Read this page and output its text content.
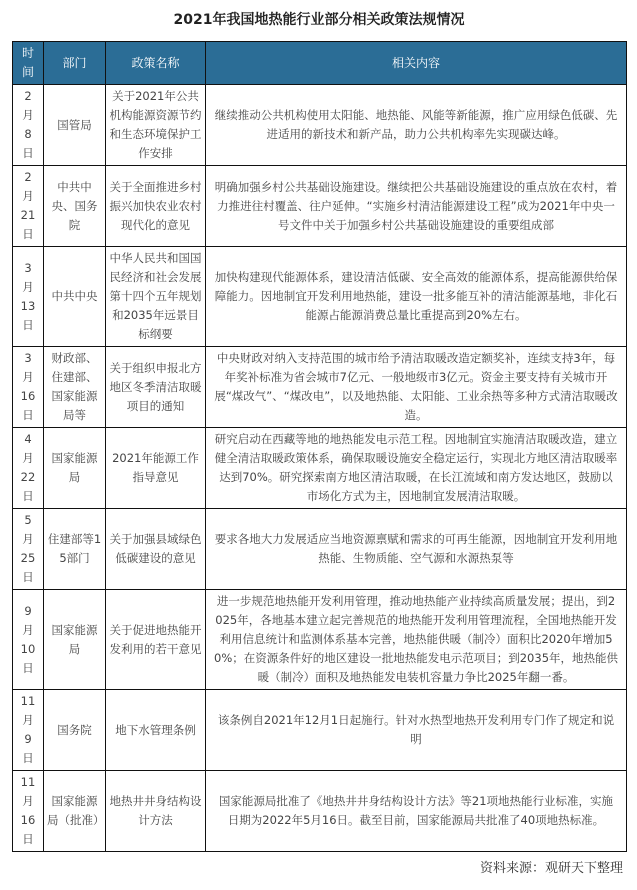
2021年我国地热能行业部分相关政策法规情况
时间	部门	政策名称	相关内容
2月8日	国管局	关于2021年公共机构能源资源节约和生态环境保护工作安排	继续推动公共机构使用太阳能、地热能、风能等新能源，推广应用绿色低碳、先进适用的新技术和新产品，助力公共机构率先实现碳达峰。
2月21日	中共中央、国务院	关于全面推进乡村振兴加快农业农村现代化的意见	明确加强乡村公共基础设施建设。继续把公共基础设施建设的重点放在农村，着力推进往村覆盖、往户延伸。“实施乡村清洁能源建设工程”成为2021年中央一号文件中关于加强乡村公共基础设施建设的重要组成部
3月13日	中共中央	中华人民共和国国民经济和社会发展第十四个五年规划和2035年远景目标纲要	加快构建现代能源体系，建设清洁低碳、安全高效的能源体系，提高能源供给保障能力。因地制宜开发利用地热能，建设一批多能互补的清洁能源基地，非化石能源占能源消费总量比重提高到20%左右。
3月16日	财政部、住建部、国家能源局等	关于组织申报北方地区冬季清洁取暖项目的通知	中央财政对纳入支持范围的城市给予清洁取暖改造定额奖补，连续支持3年，每年奖补标准为省会城市7亿元、一般地级市3亿元。资金主要支持有关城市开展“煤改气”、“煤改电”，以及地热能、太阳能、工业余热等多种方式清洁取暖改造。
4月22日	国家能源局	2021年能源工作指导意见	研究启动在西藏等地的地热能发电示范工程。因地制宜实施清洁取暖改造，建立健全清洁取暖政策体系，确保取暖设施安全稳定运行，实现北方地区清洁取暖率达到70%。研究探索南方地区清洁取暖，在长江流域和南方发达地区，鼓励以市场化方式为主，因地制宜发展清洁取暖。
5月25日	住建部等15部门	关于加强县域绿色低碳建设的意见	要求各地大力发展适应当地资源禀赋和需求的可再生能源，因地制宜开发利用地热能、生物质能、空气源和水源热泵等
9月10日	国家能源局	关于促进地热能开发利用的若干意见	进一步规范地热能开发利用管理，推动地热能产业持续高质量发展；提出，到2025年，各地基本建立起完善规范的地热能开发利用管理流程，全国地热能开发利用信息统计和监测体系基本完善，地热能供暖（制冷）面积比2020年增加50%；在资源条件好的地区建设一批地热能发电示范项目；到2035年，地热能供暖（制冷）面积及地热能发电装机容量力争比2025年翻一番。
11月9日	国务院	地下水管理条例	该条例自2021年12月1日起施行。针对水热型地热开发利用专门作了规定和说明
11月16日	国家能源局（批准）	地热井井身结构设计方法	国家能源局批准了《地热井井身结构设计方法》等21项地热能行业标准，实施日期为2022年5月16日。截至目前，国家能源局共批准了40项地热标准。
资料来源：观研天下整理
